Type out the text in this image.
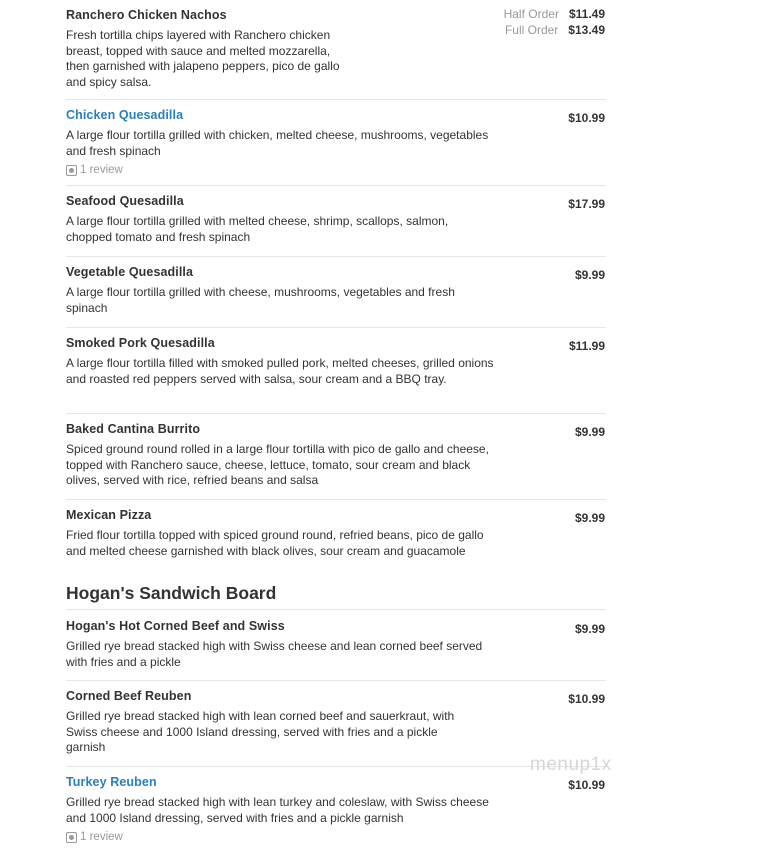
Ranchero Chicken Nachos
Fresh tortilla chips layered with Ranchero chicken breast, topped with sauce and melted mozzarella, then garnished with jalapeno peppers, pico de gallo and spicy salsa.
Half Order $11.49
Full Order $13.49
Chicken Quesadilla
A large flour tortilla grilled with chicken, melted cheese, mushrooms, vegetables and fresh spinach
1 review
$10.99
Seafood Quesadilla
A large flour tortilla grilled with melted cheese, shrimp, scallops, salmon, chopped tomato and fresh spinach
$17.99
Vegetable Quesadilla
A large flour tortilla grilled with cheese, mushrooms, vegetables and fresh spinach
$9.99
Smoked Pork Quesadilla
A large flour tortilla filled with smoked pulled pork, melted cheeses, grilled onions and roasted red peppers served with salsa, sour cream and a BBQ tray.
$11.99
Baked Cantina Burrito
Spiced ground round rolled in a large flour tortilla with pico de gallo and cheese, topped with Ranchero sauce, cheese, lettuce, tomato, sour cream and black olives, served with rice, refried beans and salsa
$9.99
Mexican Pizza
Fried flour tortilla topped with spiced ground round, refried beans, pico de gallo and melted cheese garnished with black olives, sour cream and guacamole
$9.99
Hogan's Sandwich Board
Hogan's Hot Corned Beef and Swiss
Grilled rye bread stacked high with Swiss cheese and lean corned beef served with fries and a pickle
$9.99
Corned Beef Reuben
Grilled rye bread stacked high with lean corned beef and sauerkraut, with Swiss cheese and 1000 Island dressing, served with fries and a pickle garnish
$10.99
Turkey Reuben
Grilled rye bread stacked high with lean turkey and coleslaw, with Swiss cheese and 1000 Island dressing, served with fries and a pickle garnish
1 review
$10.99
menup1x
